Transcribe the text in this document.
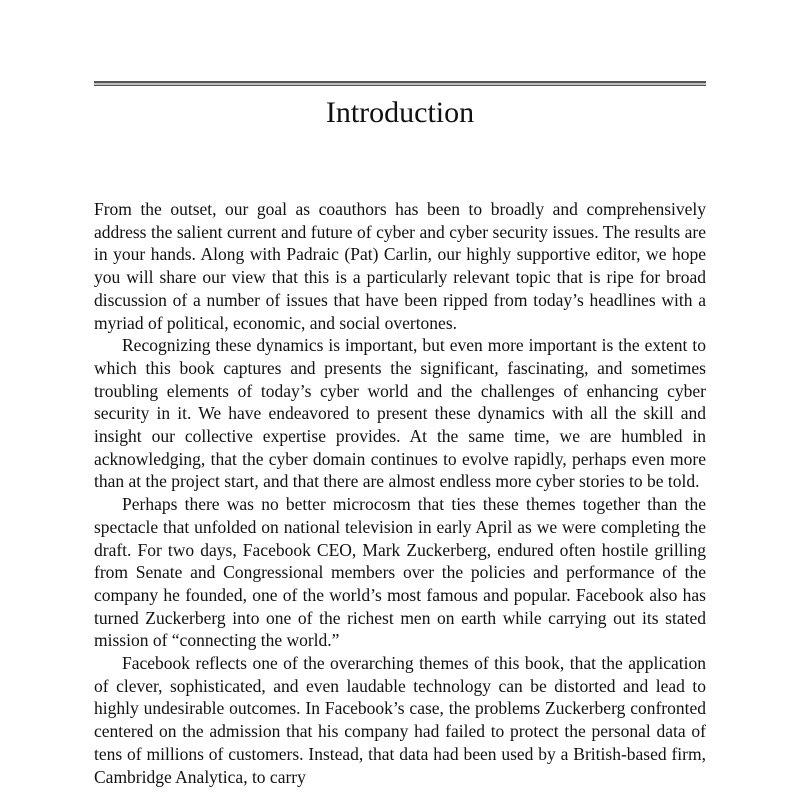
Introduction

From the outset, our goal as coauthors has been to broadly and comprehensively address the salient current and future of cyber and cyber security issues. The results are in your hands. Along with Padraic (Pat) Carlin, our highly supportive editor, we hope you will share our view that this is a particularly relevant topic that is ripe for broad discussion of a number of issues that have been ripped from today’s headlines with a myriad of political, economic, and social overtones.

Recognizing these dynamics is important, but even more important is the extent to which this book captures and presents the significant, fascinating, and sometimes troubling elements of today’s cyber world and the challenges of enhancing cyber security in it. We have endeavored to present these dynamics with all the skill and insight our collective expertise provides. At the same time, we are humbled in acknowledging, that the cyber domain continues to evolve rapidly, perhaps even more than at the project start, and that there are almost endless more cyber stories to be told.

Perhaps there was no better microcosm that ties these themes together than the spectacle that unfolded on national television in early April as we were completing the draft. For two days, Facebook CEO, Mark Zuckerberg, endured often hostile grilling from Senate and Congressional members over the policies and performance of the company he founded, one of the world’s most famous and popular. Facebook also has turned Zuckerberg into one of the richest men on earth while carrying out its stated mission of “connecting the world.”

Facebook reflects one of the overarching themes of this book, that the application of clever, sophisticated, and even laudable technology can be distorted and lead to highly undesirable outcomes. In Facebook’s case, the problems Zuckerberg confronted centered on the admission that his company had failed to protect the personal data of tens of millions of customers. Instead, that data had been used by a British-based firm, Cambridge Analytica, to carry
